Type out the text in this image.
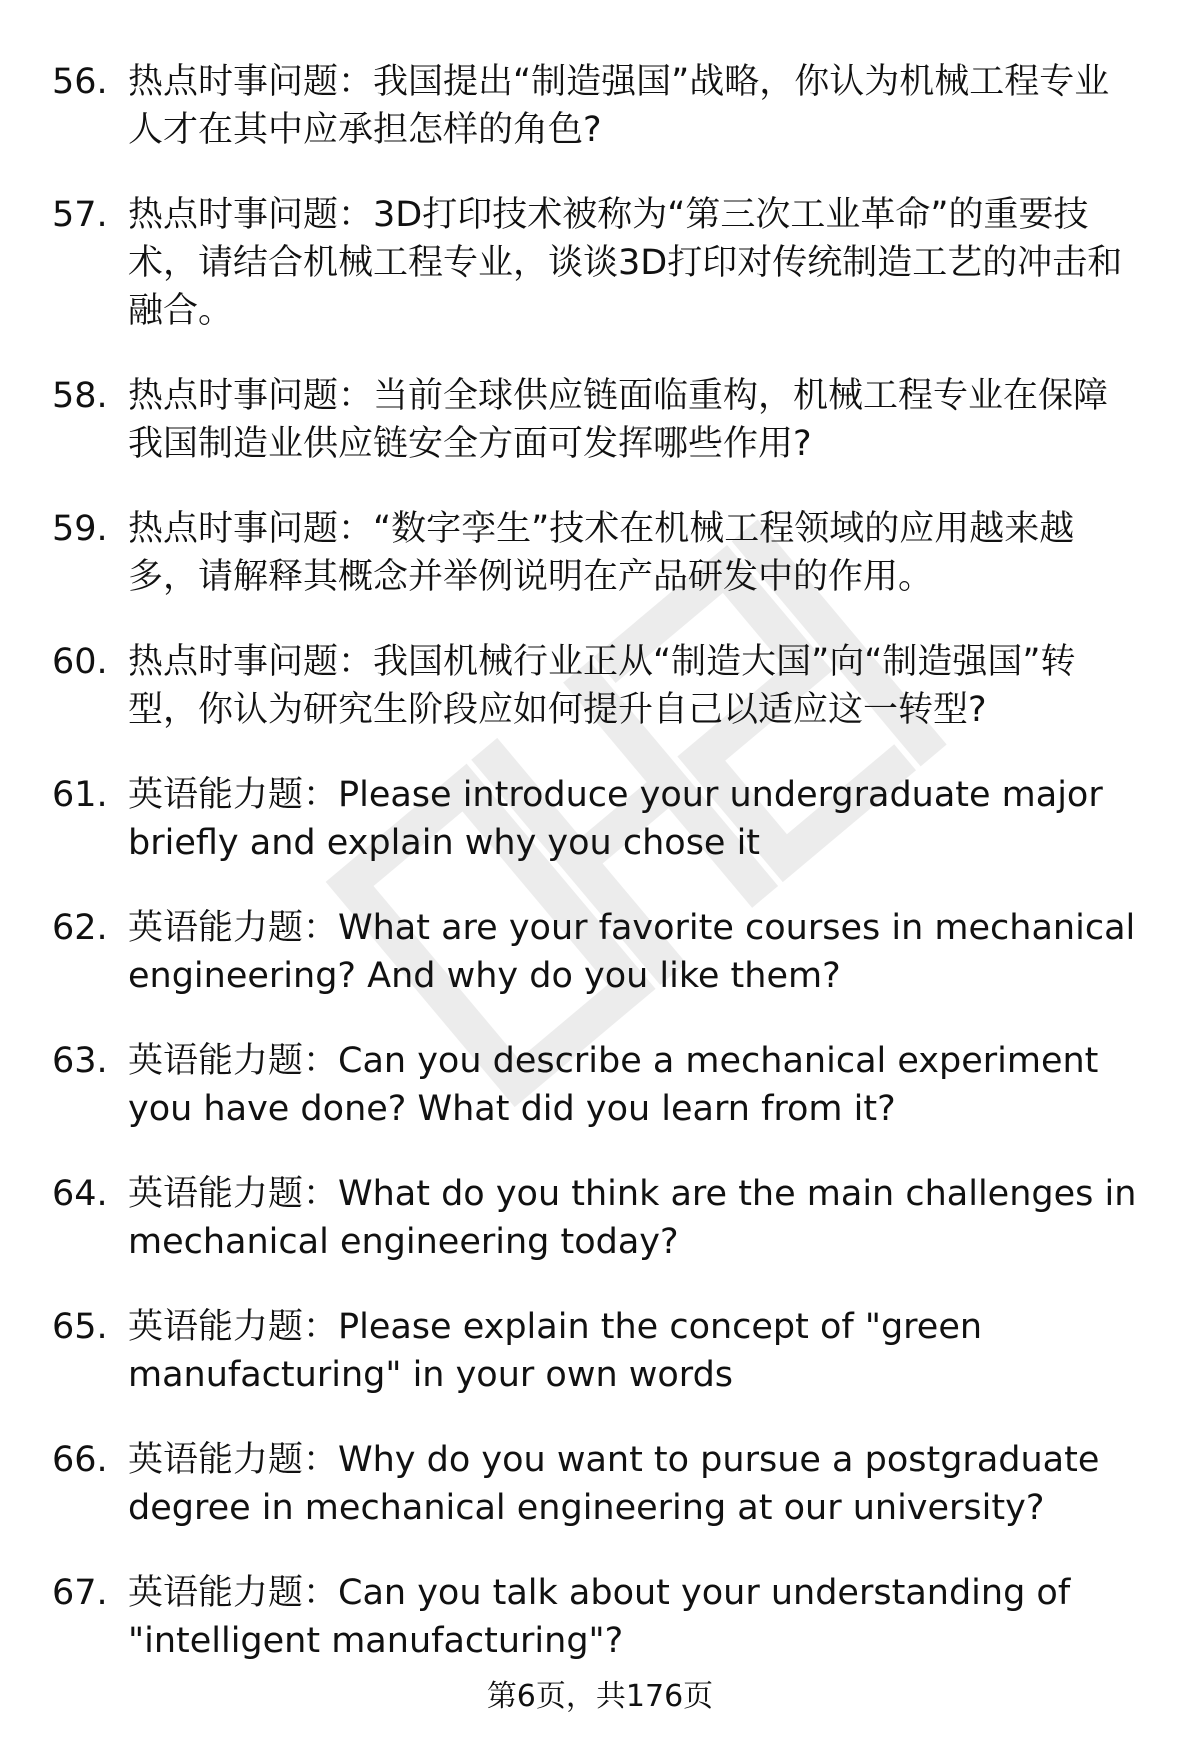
56. 热点时事问题：我国提出“制造强国”战略，你认为机械工程专业人才在其中应承担怎样的角色?
57. 热点时事问题：3D打印技术被称为“第三次工业革命”的重要技术，请结合机械工程专业，谈谈3D打印对传统制造工艺的冲击和融合。
58. 热点时事问题：当前全球供应链面临重构，机械工程专业在保障我国制造业供应链安全方面可发挥哪些作用?
59. 热点时事问题：“数字孪生”技术在机械工程领域的应用越来越多，请解释其概念并举例说明在产品研发中的作用。
60. 热点时事问题：我国机械行业正从“制造大国”向“制造强国”转型，你认为研究生阶段应如何提升自己以适应这一转型?
61. 英语能力题：Please introduce your undergraduate major briefly and explain why you chose it
62. 英语能力题：What are your favorite courses in mechanical engineering? And why do you like them?
63. 英语能力题：Can you describe a mechanical experiment you have done? What did you learn from it?
64. 英语能力题：What do you think are the main challenges in mechanical engineering today?
65. 英语能力题：Please explain the concept of "green manufacturing" in your own words
66. 英语能力题：Why do you want to pursue a postgraduate degree in mechanical engineering at our university?
67. 英语能力题：Can you talk about your understanding of "intelligent manufacturing"?
第6页，共176页
